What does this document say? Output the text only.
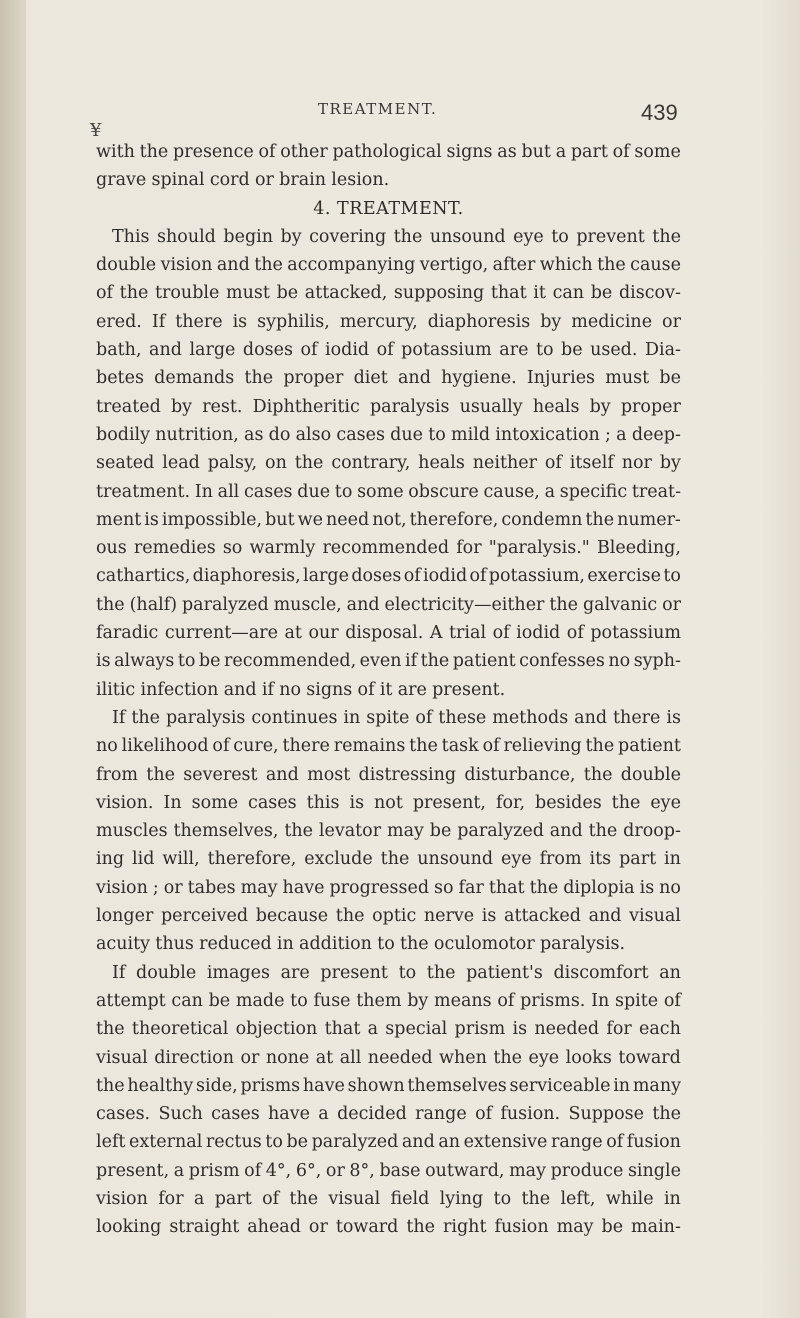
TREATMENT.	439
¥
with the presence of other pathological signs as but a part of some
grave spinal cord or brain lesion.
4. TREATMENT.
This should begin by covering the unsound eye to prevent the
double vision and the accompanying vertigo, after which the cause
of the trouble must be attacked, supposing that it can be discov-
ered. If there is syphilis, mercury, diaphoresis by medicine or
bath, and large doses of iodid of potassium are to be used. Dia-
betes demands the proper diet and hygiene. Injuries must be
treated by rest. Diphtheritic paralysis usually heals by proper
bodily nutrition, as do also cases due to mild intoxication ; a deep-
seated lead palsy, on the contrary, heals neither of itself nor by
treatment. In all cases due to some obscure cause, a specific treat-
ment is impossible, but we need not, therefore, condemn the numer-
ous remedies so warmly recommended for "paralysis." Bleeding,
cathartics, diaphoresis, large doses of iodid of potassium, exercise to
the (half) paralyzed muscle, and electricity—either the galvanic or
faradic current—are at our disposal. A trial of iodid of potassium
is always to be recommended, even if the patient confesses no syph-
ilitic infection and if no signs of it are present.
If the paralysis continues in spite of these methods and there is
no likelihood of cure, there remains the task of relieving the patient
from the severest and most distressing disturbance, the double
vision. In some cases this is not present, for, besides the eye
muscles themselves, the levator may be paralyzed and the droop-
ing lid will, therefore, exclude the unsound eye from its part in
vision ; or tabes may have progressed so far that the diplopia is no
longer perceived because the optic nerve is attacked and visual
acuity thus reduced in addition to the oculomotor paralysis.
If double images are present to the patient's discomfort an
attempt can be made to fuse them by means of prisms. In spite of
the theoretical objection that a special prism is needed for each
visual direction or none at all needed when the eye looks toward
the healthy side, prisms have shown themselves serviceable in many
cases. Such cases have a decided range of fusion. Suppose the
left external rectus to be paralyzed and an extensive range of fusion
present, a prism of 4°, 6°, or 8°, base outward, may produce single
vision for a part of the visual field lying to the left, while in
looking straight ahead or toward the right fusion may be main-
